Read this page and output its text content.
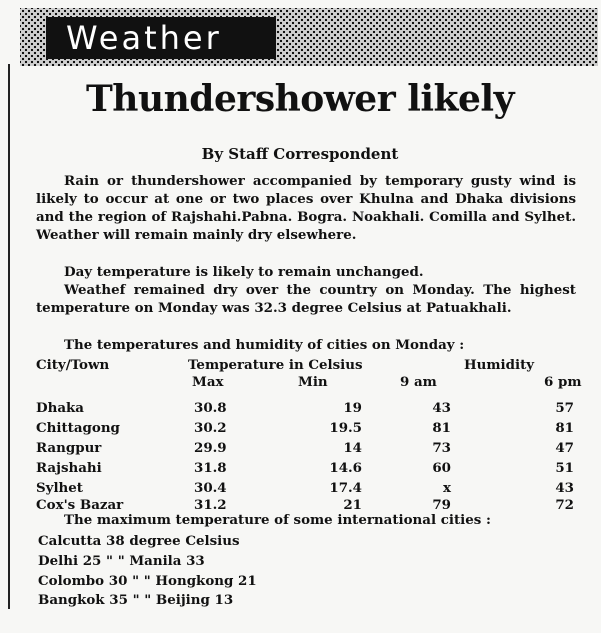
Weather
Thundershower likely
By Staff Correspondent
Rain or thundershower accompanied by temporary gusty wind is likely to occur at one or two places over Khulna and Dhaka divisions and the region of Rajshahi.Pabna. Bogra. Noakhali. Comilla and Sylhet. Weather will remain mainly dry elsewhere.
Day temperature is likely to remain unchanged.
Weathef remained dry over the country on Monday. The highest temperature on Monday was 32.3 degree Celsius at Patuakhali.
The temperatures and humidity of cities on Monday :
City/Town	Temperature in Celsius	Humidity
Max	Min	9 am	6 pm
Dhaka	30.8	19	43	57
Chittagong	30.2	19.5	81	81
Rangpur	29.9	14	73	47
Rajshahi	31.8	14.6	60	51
Sylhet	30.4	17.4	x	43
Cox's Bazar	31.2	21	79	72
The maximum temperature of some international cities :
Calcutta 38 degree Celsius
Delhi 25 " " Manila 33
Colombo 30 " " Hongkong 21
Bangkok 35 " " Beijing 13
